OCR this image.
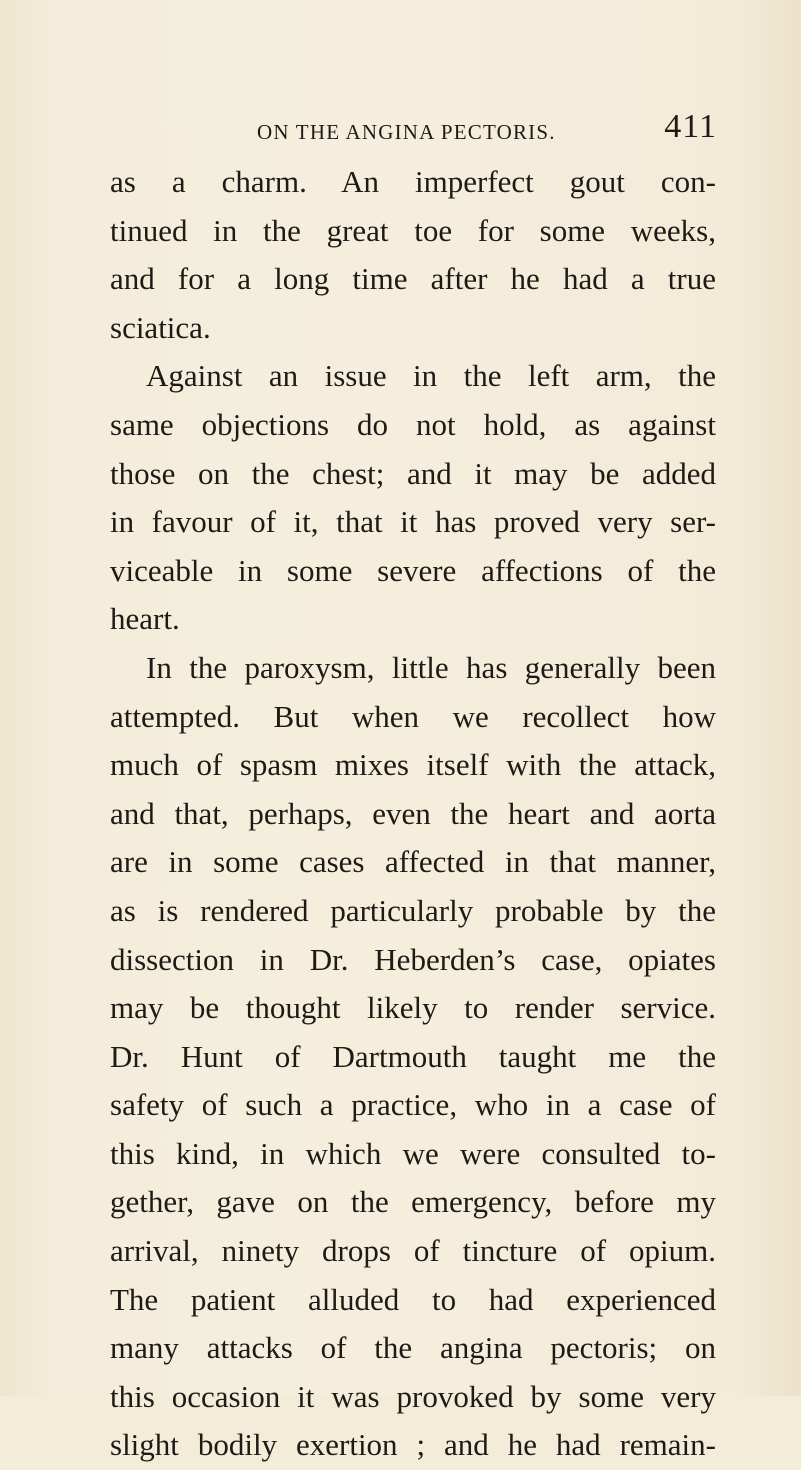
ON THE ANGINA PECTORIS.	411
as a charm. An imperfect gout con-
tinued in the great toe for some weeks,
and for a long time after he had a true
sciatica.
Against an issue in the left arm, the
same objections do not hold, as against
those on the chest; and it may be added
in favour of it, that it has proved very ser-
viceable in some severe affections of the
heart.
In the paroxysm, little has generally been
attempted. But when we recollect how
much of spasm mixes itself with the attack,
and that, perhaps, even the heart and aorta
are in some cases affected in that manner,
as is rendered particularly probable by the
dissection in Dr. Heberden’s case, opiates
may be thought likely to render service.
Dr. Hunt of Dartmouth taught me the
safety of such a practice, who in a case of
this kind, in which we were consulted to-
gether, gave on the emergency, before my
arrival, ninety drops of tincture of opium.
The patient alluded to had experienced
many attacks of the angina pectoris; on
this occasion it was provoked by some very
slight bodily exertion ; and he had remain-
